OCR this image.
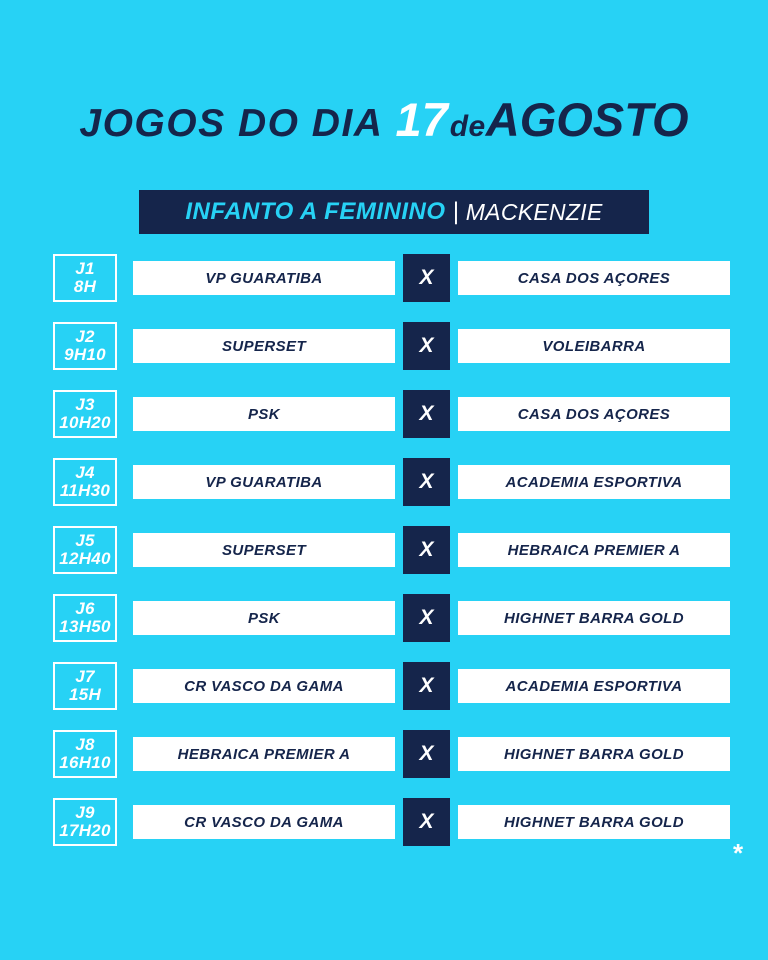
JOGOS DO DIA 17deAGOSTO
INFANTO A FEMININO | MACKENZIE
J1
8H	VP GUARATIBA	X	CASA DOS AÇORES
J2
9H10	SUPERSET	X	VOLEIBARRA
J3
10H20	PSK	X	CASA DOS AÇORES
J4
11H30	VP GUARATIBA	X	ACADEMIA ESPORTIVA
J5
12H40	SUPERSET	X	HEBRAICA PREMIER A
J6
13H50	PSK	X	HIGHNET BARRA GOLD
J7
15H	CR VASCO DA GAMA	X	ACADEMIA ESPORTIVA
J8
16H10	HEBRAICA PREMIER A	X	HIGHNET BARRA GOLD
J9
17H20	CR VASCO DA GAMA	X	HIGHNET BARRA GOLD
*
